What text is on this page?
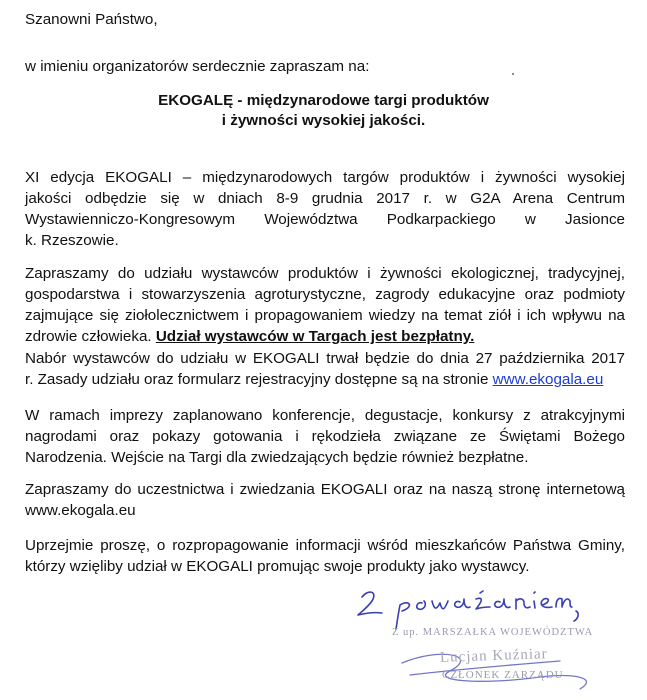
Szanowni Państwo,

w imieniu organizatorów serdecznie zapraszam na:

EKOGALĘ - międzynarodowe targi produktów
i żywności wysokiej jakości.

XI edycja EKOGALI – międzynarodowych targów produktów i żywności wysokiej
jakości odbędzie się w dniach 8-9 grudnia 2017 r. w G2A Arena Centrum
Wystawienniczo-Kongresowym Województwa Podkarpackiego w Jasionce
k. Rzeszowie.
Zapraszamy do udziału wystawców produktów i żywności ekologicznej, tradycyjnej,
gospodarstwa i stowarzyszenia agroturystyczne, zagrody edukacyjne oraz podmioty
zajmujące się ziołolecznictwem i propagowaniem wiedzy na temat ziół i ich wpływu na
zdrowie człowieka. Udział wystawców w Targach jest bezpłatny.
Nabór wystawców do udziału w EKOGALI trwał będzie do dnia 27 października 2017
r. Zasady udziału oraz formularz rejestracyjny dostępne są na stronie www.ekogala.eu
W ramach imprezy zaplanowano konferencje, degustacje, konkursy z atrakcyjnymi
nagrodami oraz pokazy gotowania i rękodzieła związane ze Świętami Bożego
Narodzenia. Wejście na Targi dla zwiedzających będzie również bezpłatne.
Zapraszamy do uczestnictwa i zwiedzania EKOGALI oraz na naszą stronę internetową
www.ekogala.eu
Uprzejmie proszę, o rozpropagowanie informacji wśród mieszkańców Państwa Gminy,
którzy wzięliby udział w EKOGALI promując swoje produkty jako wystawcy.
Z up. MARSZAŁKA WOJEWÓDZTWA
Lucjan Kuźniar
CZŁONEK ZARZĄDU
